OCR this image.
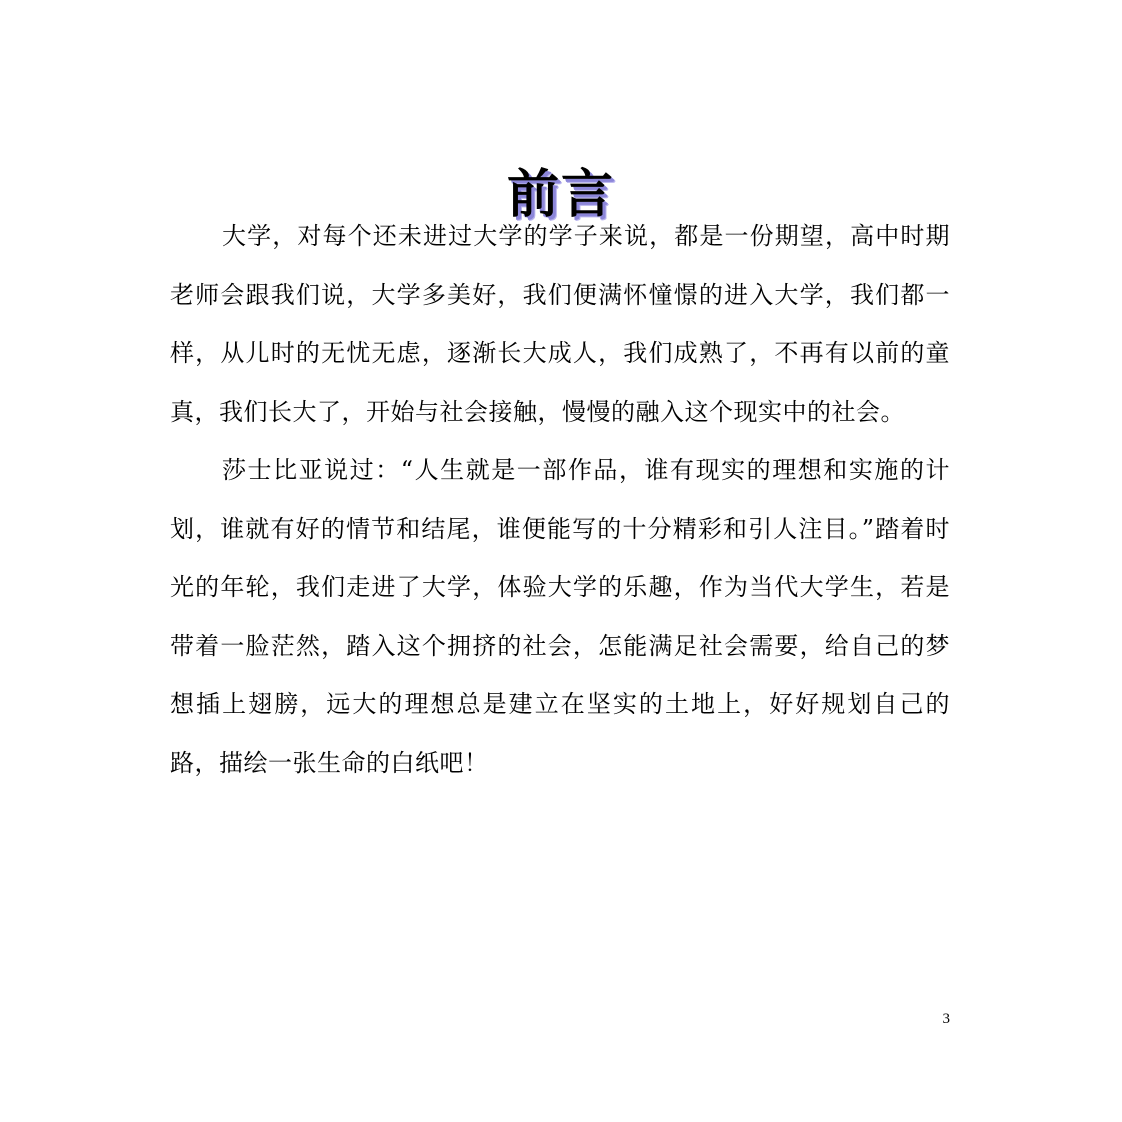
前言

大学，对每个还未进过大学的学子来说，都是一份期望，高中时期老师会跟我们说，大学多美好，我们便满怀憧憬的进入大学，我们都一样，从儿时的无忧无虑，逐渐长大成人，我们成熟了，不再有以前的童真，我们长大了，开始与社会接触，慢慢的融入这个现实中的社会。

莎士比亚说过：“人生就是一部作品，谁有现实的理想和实施的计划，谁就有好的情节和结尾，谁便能写的十分精彩和引人注目。”踏着时光的年轮，我们走进了大学，体验大学的乐趣，作为当代大学生，若是带着一脸茫然，踏入这个拥挤的社会，怎能满足社会需要，给自己的梦想插上翅膀，远大的理想总是建立在坚实的土地上，好好规划自己的路，描绘一张生命的白纸吧！

3
